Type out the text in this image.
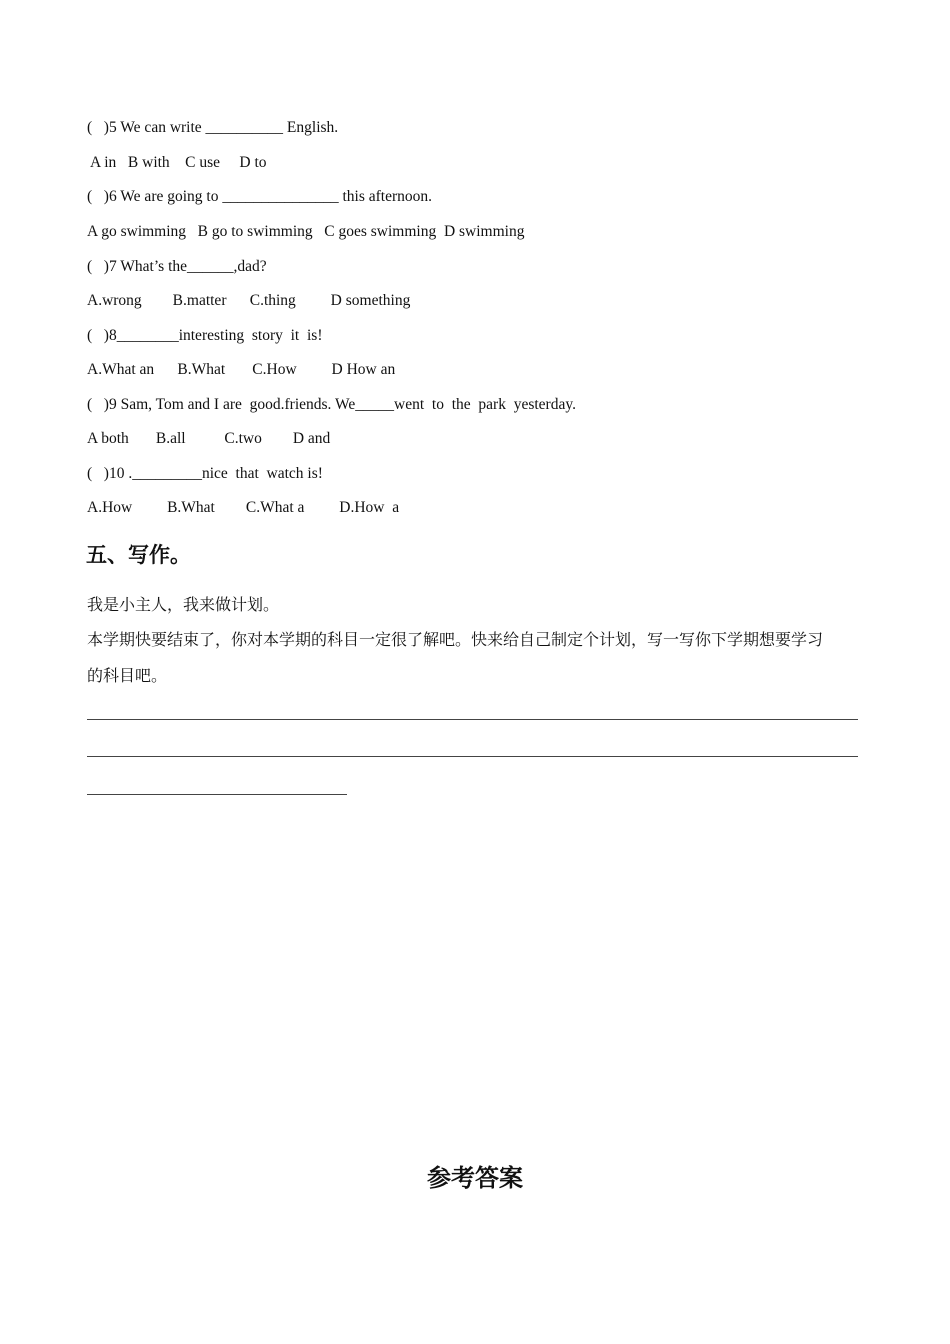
(   )5 We can write __________ English.
A in   B with    C use     D to
(   )6 We are going to _______________ this afternoon.
A go swimming   B go to swimming   C goes swimming  D swimming
(   )7 What’s the______,dad?
A.wrong        B.matter      C.thing         D something
(   )8________interesting  story  it  is!
A.What an      B.What       C.How         D How an
(   )9 Sam, Tom and I are  good.friends. We_____went  to  the  park  yesterday.
A both       B.all          C.two        D and
(   )10 ._________nice  that  watch is!
A.How         B.What        C.What a         D.How  a
五、写作。
我是小主人，我来做计划。
本学期快要结束了，你对本学期的科目一定很了解吧。快来给自己制定个计划，写一写你下学期想要学习
的科目吧。
参考答案
